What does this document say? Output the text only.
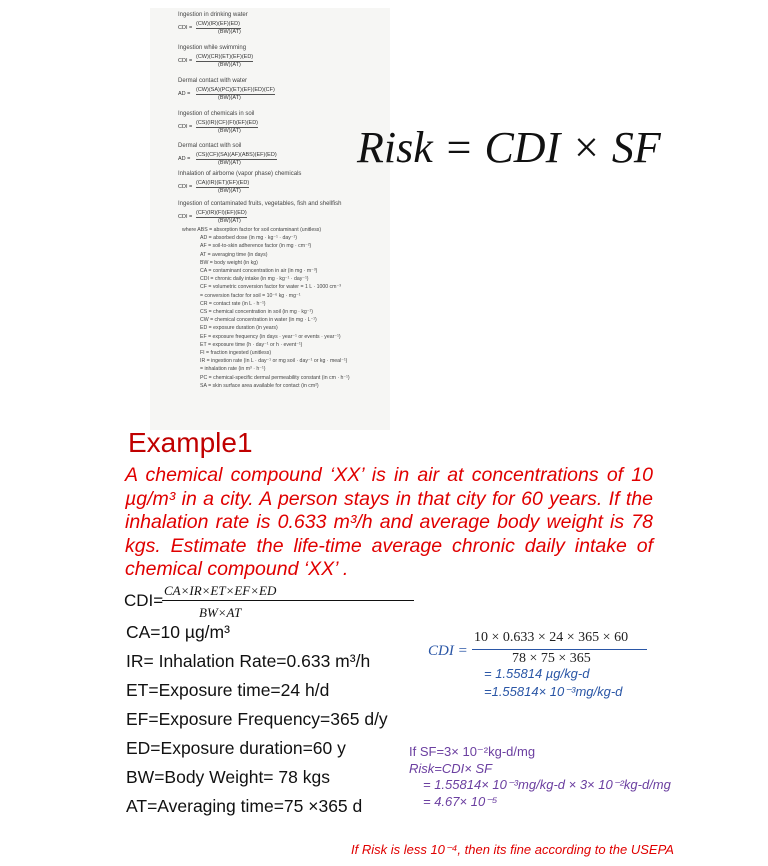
Ingestion in drinking water
CDI =
(CW)(IR)(EF)(ED)
(BW)(AT)
Ingestion while swimming
CDI =
(CW)(CR)(ET)(EF)(ED)
(BW)(AT)
Dermal contact with water
AD =
(CW)(SA)(PC)(ET)(EF)(ED)(CF)
(BW)(AT)
Ingestion of chemicals in soil
CDI =
(CS)(IR)(CF)(FI)(EF)(ED)
(BW)(AT)
Dermal contact with soil
AD =
(CS)(CF)(SA)(AF)(ABS)(EF)(ED)
(BW)(AT)
Inhalation of airborne (vapor phase) chemicals
CDI =
(CA)(IR)(ET)(EF)(ED)
(BW)(AT)
Ingestion of contaminated fruits, vegetables, fish and shellfish
CDI =
(CF)(IR)(FI)(EF)(ED)
(BW)(AT)
where ABS = absorption factor for soil contaminant (unitless)
AD = absorbed dose (in mg · kg⁻¹ · day⁻¹)
AF = soil-to-skin adherence factor (in mg · cm⁻²)
AT = averaging time (in days)
BW = body weight (in kg)
CA = contaminant concentration in air (in mg · m⁻³)
CDI = chronic daily intake (in mg · kg⁻¹ · day⁻¹)
CF = volumetric conversion factor for water = 1 L · 1000 cm⁻³
= conversion factor for soil = 10⁻⁶ kg · mg⁻¹
CR = contact rate (in L · h⁻¹)
CS = chemical concentration in soil (in mg · kg⁻¹)
CW = chemical concentration in water (in mg · L⁻¹)
ED = exposure duration (in years)
EF = exposure frequency (in days · year⁻¹ or events · year⁻¹)
ET = exposure time (h · day⁻¹ or h · event⁻¹)
FI = fraction ingested (unitless)
IR = ingestion rate (in L · day⁻¹ or mg soil · day⁻¹ or kg · meal⁻¹)
= inhalation rate (in m³ · h⁻¹)
PC = chemical-specific dermal permeability constant (in cm · h⁻¹)
SA = skin surface area available for contact (in cm²)
Risk = CDI × SF
Example1
A chemical compound ‘XX’ is in air at concentrations of 10 µg/m³ in a city. A person stays in that city for 60 years. If the inhalation rate is 0.633 m³/h and average body weight is 78 kgs. Estimate the life-time average chronic daily intake of chemical compound ‘XX’ .
CDI=
CA×IR×ET×EF×ED
BW×AT
CA=10 µg/m³
IR= Inhalation Rate=0.633 m³/h
ET=Exposure time=24 h/d
EF=Exposure Frequency=365 d/y
ED=Exposure duration=60 y
BW=Body Weight= 78 kgs
AT=Averaging time=75 ×365 d
CDI =
10 × 0.633 × 24 × 365 × 60
78 × 75 × 365
= 1.55814 µg/kg-d
=1.55814× 10⁻³mg/kg-d
If SF=3× 10⁻²kg-d/mg
Risk=CDI× SF
= 1.55814× 10⁻³mg/kg-d × 3× 10⁻²kg-d/mg
= 4.67× 10⁻⁵
If Risk is less 10⁻⁴, then its fine according to the USEPA
